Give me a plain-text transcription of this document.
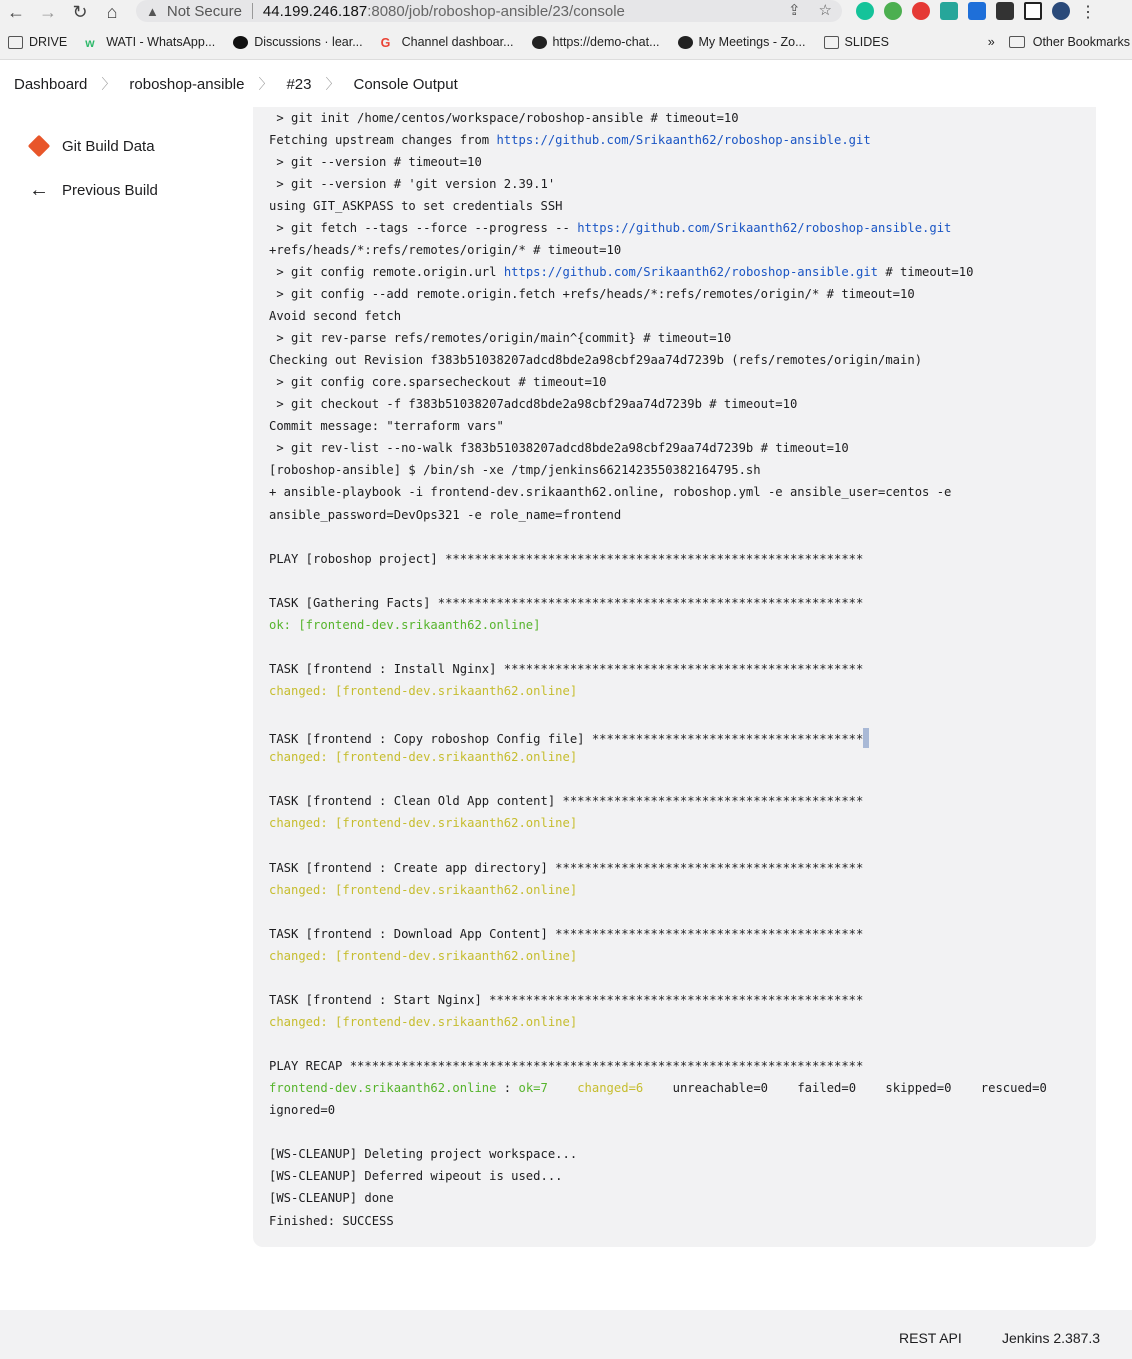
← → ↻	⌂	▲ Not Secure 44.199.246.187 :8080/job/roboshop-ansible/23/console	⇪ ☆	⋮
DRIVE w WATI - WhatsApp...	Discussions · lear... G Channel dashboar...	https://demo-chat...	My Meetings - Zo...	SLIDES	»	Other Bookmarks
Dashboard 〉 roboshop-ansible 〉 #23 〉 Console Output
Git Build Data
← Previous Build
> git init /home/centos/workspace/roboshop-ansible # timeout=10
Fetching upstream changes from https://github.com/Srikaanth62/roboshop-ansible.git
> git --version # timeout=10
> git --version # 'git version 2.39.1'
using GIT_ASKPASS to set credentials SSH
> git fetch --tags --force --progress -- https://github.com/Srikaanth62/roboshop-ansible.git
+refs/heads/*:refs/remotes/origin/* # timeout=10
> git config remote.origin.url https://github.com/Srikaanth62/roboshop-ansible.git # timeout=10
> git config --add remote.origin.fetch +refs/heads/*:refs/remotes/origin/* # timeout=10
Avoid second fetch
> git rev-parse refs/remotes/origin/main^{commit} # timeout=10
Checking out Revision f383b51038207adcd8bde2a98cbf29aa74d7239b (refs/remotes/origin/main)
> git config core.sparsecheckout # timeout=10
> git checkout -f f383b51038207adcd8bde2a98cbf29aa74d7239b # timeout=10
Commit message: "terraform vars"
> git rev-list --no-walk f383b51038207adcd8bde2a98cbf29aa74d7239b # timeout=10
[roboshop-ansible] $ /bin/sh -xe /tmp/jenkins6621423550382164795.sh
+ ansible-playbook -i frontend-dev.srikaanth62.online, roboshop.yml -e ansible_user=centos -e
ansible_password=DevOps321 -e role_name=frontend
PLAY [roboshop project] *********************************************************
TASK [Gathering Facts] **********************************************************
ok: [frontend-dev.srikaanth62.online]
TASK [frontend : Install Nginx] *************************************************
changed: [frontend-dev.srikaanth62.online]
TASK [frontend : Copy roboshop Config file] *************************************
changed: [frontend-dev.srikaanth62.online]
TASK [frontend : Clean Old App content] *****************************************
changed: [frontend-dev.srikaanth62.online]
TASK [frontend : Create app directory] ******************************************
changed: [frontend-dev.srikaanth62.online]
TASK [frontend : Download App Content] ******************************************
changed: [frontend-dev.srikaanth62.online]
TASK [frontend : Start Nginx] ***************************************************
changed: [frontend-dev.srikaanth62.online]
PLAY RECAP **********************************************************************
frontend-dev.srikaanth62.online : ok=7 changed=6 unreachable=0    failed=0    skipped=0    rescued=0
ignored=0
[WS-CLEANUP] Deleting project workspace...
[WS-CLEANUP] Deferred wipeout is used...
[WS-CLEANUP] done
Finished: SUCCESS
REST API	Jenkins 2.387.3
